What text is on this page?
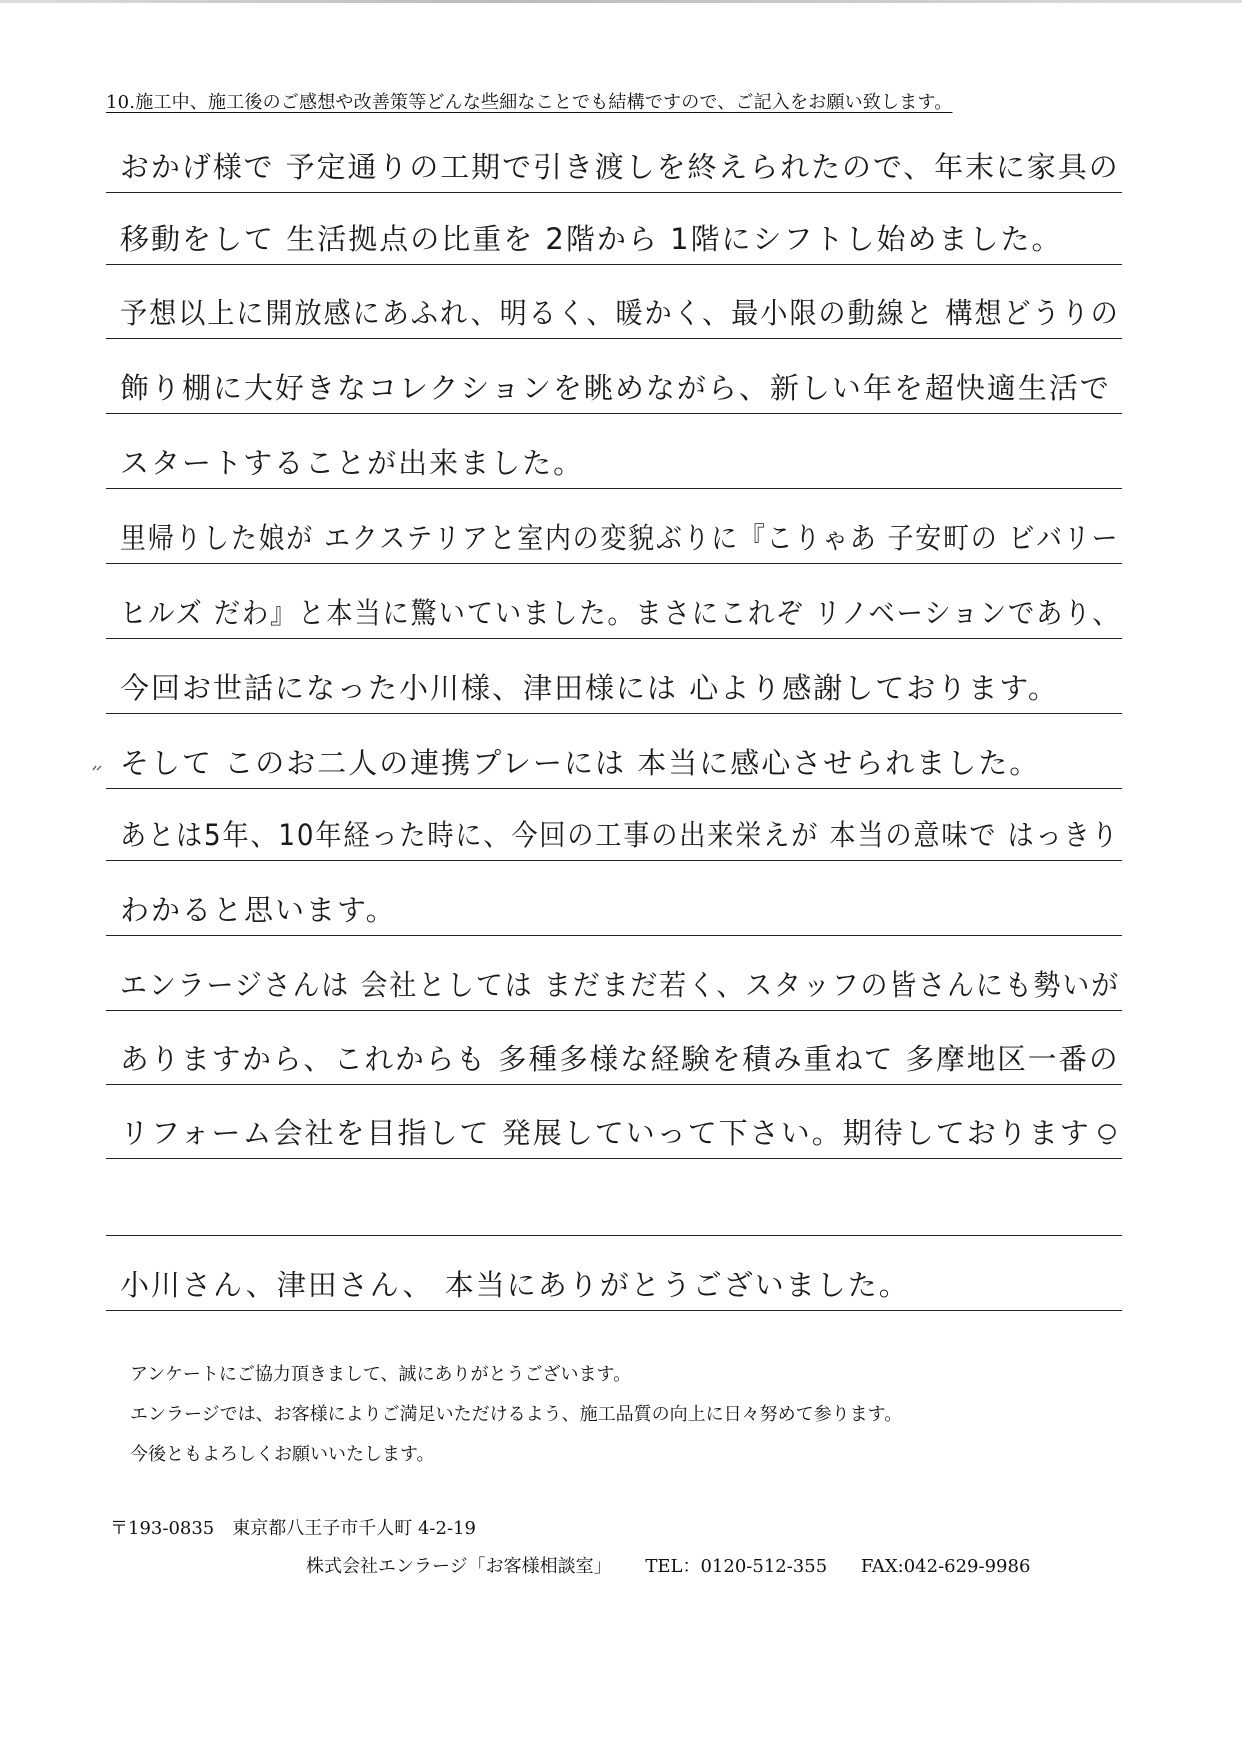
10.施工中、施工後のご感想や改善策等どんな些細なことでも結構ですので、ご記入をお願い致します。
おかげ様で 予定通りの工期で引き渡しを終えられたので、年末に家具の
移動をして 生活拠点の比重を 2階から 1階にシフトし始めました。
予想以上に開放感にあふれ、明るく、暖かく、最小限の動線と 構想どうりの
飾り棚に大好きなコレクションを眺めながら、新しい年を超快適生活で
スタートすることが出来ました。
里帰りした娘が エクステリアと室内の変貌ぶりに『こりゃあ 子安町の ビバリー
ヒルズ だわ』と本当に驚いていました。まさにこれぞ リノベーションであり、
今回お世話になった小川様、津田様には 心より感謝しております。
そして このお二人の連携プレーには 本当に感心させられました。
あとは5年、10年経った時に、今回の工事の出来栄えが 本当の意味で はっきり
わかると思います。
エンラージさんは 会社としては まだまだ若く、スタッフの皆さんにも勢いが
ありますから、これからも 多種多様な経験を積み重ねて 多摩地区一番の
リフォーム会社を目指して 発展していって下さい。期待しております
小川さん、津田さん、 本当にありがとうございました。
アンケートにご協力頂きまして、誠にありがとうございます。
エンラージでは、お客様によりご満足いただけるよう、施工品質の向上に日々努めて参ります。
今後ともよろしくお願いいたします。
〒193-0835　東京都八王子市千人町 4-2-19
株式会社エンラージ「お客様相談室」 TEL：0120-512-355 FAX:042-629-9986
